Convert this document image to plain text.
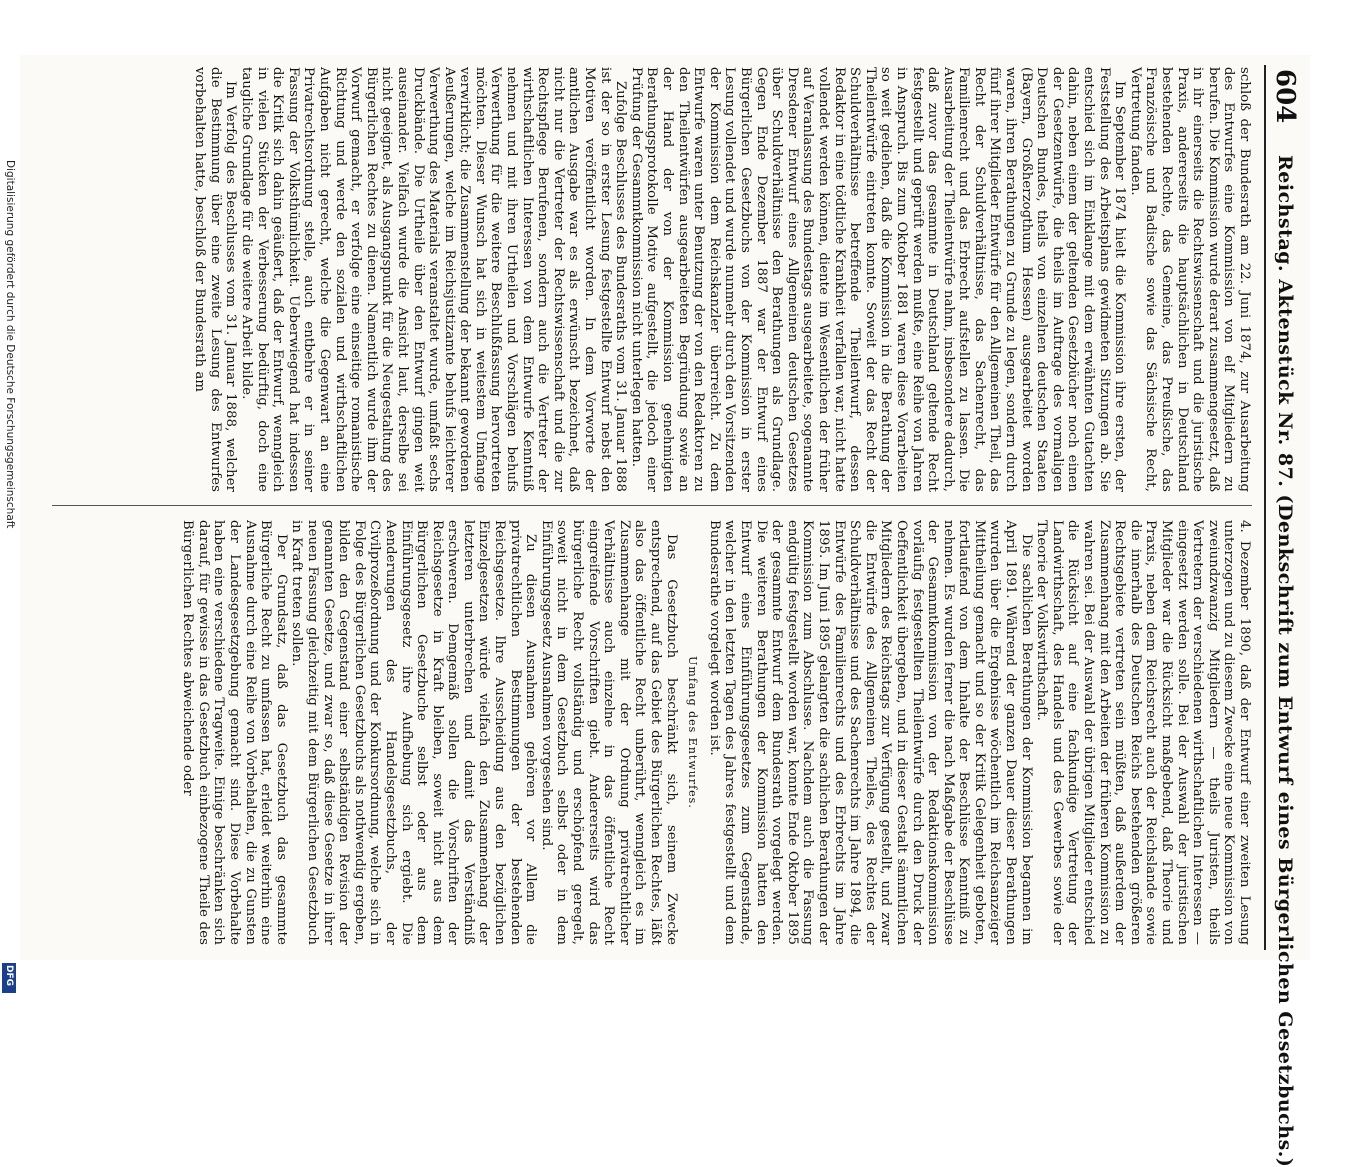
Digitalisierung gefördert durch die Deutsche Forschungsgemeinschaft
DFG
604
Reichstag. Aktenstück Nr. 87. (Denkschrift zum Entwurf eines Bürgerlichen Gesetzbuchs.)

schloß der Bundesrath am 22. Juni 1874, zur Ausarbeitung des Entwurfes eine Kommission von elf Mitgliedern zu berufen. Die Kommission wurde derart zusammengesetzt, daß in ihr einerseits die Rechtswissenschaft und die juristische Praxis, andererseits die hauptsächlichen in Deutschland bestehenden Rechte, das Gemeine, das Preußische, das Französische und Badische sowie das Sächsische Recht, Vertretung fanden.

Im September 1874 hielt die Kommission ihre ersten, der Feststellung des Arbeitsplans gewidmeten Sitzungen ab. Sie entschied sich im Einklange mit dem erwähnten Gutachten dahin, neben einem der geltenden Gesetzbücher noch einen der Gesetzentwürfe, die theils im Auftrage des vormaligen Deutschen Bundes, theils von einzelnen deutschen Staaten (Bayern, Großherzogthum Hessen) ausgearbeitet worden waren, ihren Berathungen zu Grunde zu legen, sondern durch fünf ihrer Mitglieder Entwürfe für den Allgemeinen Theil, das Recht der Schuldverhältnisse, das Sachenrecht, das Familienrecht und das Erbrecht aufstellen zu lassen. Die Ausarbeitung der Theilentwürfe nahm, insbesondere dadurch, daß zuvor das gesammte in Deutschland geltende Recht festgestellt und geprüft werden mußte, eine Reihe von Jahren in Anspruch. Bis zum Oktober 1881 waren diese Vorarbeiten so weit gediehen, daß die Kommission in die Berathung der Theilentwürfe eintreten konnte. Soweit der das Recht der Schuldverhältnisse betreffende Theilentwurf, dessen Redaktor in eine tödtliche Krankheit verfallen war, nicht hatte vollendet werden können, diente im Wesentlichen der früher auf Veranlassung des Bundestags ausgearbeitete, sogenannte Dresdener Entwurf eines Allgemeinen deutschen Gesetzes über Schuldverhältnisse den Berathungen als Grundlage. Gegen Ende Dezember 1887 war der Entwurf eines Bürgerlichen Gesetzbuchs von der Kommission in erster Lesung vollendet und wurde nunmehr durch den Vorsitzenden der Kommission dem Reichskanzler überreicht. Zu dem Entwurfe waren unter Benutzung der von den Redaktoren zu den Theilentwürfen ausgearbeiteten Begründung sowie an der Hand der von der Kommission genehmigten Berathungsprotokolle Motive aufgestellt, die jedoch einer Prüfung der Gesammtkommission nicht unterlegen hatten.

Zufolge Beschlusses des Bundesraths vom 31. Januar 1888 ist der so in erster Lesung festgestellte Entwurf nebst den Motiven veröffentlicht worden. In dem Vorworte der amtlichen Ausgabe war es als erwünscht bezeichnet, daß nicht nur die Vertreter der Rechtswissenschaft und die zur Rechtspflege Berufenen, sondern auch die Vertreter der wirthschaftlichen Interessen von dem Entwurfe Kenntniß nehmen und mit ihren Urtheilen und Vorschlägen behufs Verwerthung für die weitere Beschlußfassung hervortreten möchten. Dieser Wunsch hat sich in weitestem Umfange verwirklicht; die Zusammenstellung der bekannt gewordenen Aeußerungen, welche im Reichsjustizamte behufs leichterer Verwerthung des Materials veranstaltet wurde, umfaßt sechs Druckbände. Die Urtheile über den Entwurf gingen weit auseinander. Vielfach wurde die Ansicht laut, derselbe sei nicht geeignet, als Ausgangspunkt für die Neugestaltung des Bürgerlichen Rechtes zu dienen. Namentlich wurde ihm der Vorwurf gemacht, er verfolge eine einseitige romanistische Richtung und werde den sozialen und wirthschaftlichen Aufgaben nicht gerecht, welche die Gegenwart an eine Privatrechtsordnung stelle, auch entbehre er in seiner Fassung der Volksthümlichkeit. Ueberwiegend hat indessen die Kritik sich dahin geäußert, daß der Entwurf, wenngleich in vielen Stücken der Verbesserung bedürftig, doch eine taugliche Grundlage für die weitere Arbeit bilde.

Im Verfolg des Beschlusses vom 31. Januar 1888, welcher die Bestimmung über eine zweite Lesung des Entwurfes vorbehalten hatte, beschloß der Bundesrath am

4. Dezember 1890, daß der Entwurf einer zweiten Lesung unterzogen und zu diesem Zwecke eine neue Kommission von zweiundzwanzig Mitgliedern — theils Juristen, theils Vertretern der verschiedenen wirthschaftlichen Interessen — eingesetzt werden solle. Bei der Auswahl der juristischen Mitglieder war die Rücksicht maßgebend, daß Theorie und Praxis, neben dem Reichsrecht auch der Reichslande sowie die innerhalb des Deutschen Reichs bestehenden größeren Rechtsgebiete vertreten sein müßten, daß außerdem der Zusammenhang mit den Arbeiten der früheren Kommission zu wahren sei. Bei der Auswahl der übrigen Mitglieder entschied die Rücksicht auf eine fachkundige Vertretung der Landwirthschaft, des Handels und des Gewerbes sowie der Theorie der Volkswirthschaft.

Die sachlichen Berathungen der Kommission begannen im April 1891. Während der ganzen Dauer dieser Berathungen wurden über die Ergebnisse wöchentlich im Reichsanzeiger Mittheilung gemacht und so der Kritik Gelegenheit geboten, fortlaufend von dem Inhalte der Beschlüsse Kenntniß zu nehmen. Es wurden ferner die nach Maßgabe der Beschlüsse der Gesammtkommission von der Redaktionskommission vorläufig festgestellten Theilentwürfe durch den Druck der Oeffentlichkeit übergeben, und in dieser Gestalt sämmtlichen Mitgliedern des Reichstags zur Verfügung gestellt, und zwar die Entwürfe des Allgemeinen Theiles, des Rechtes der Schuldverhältnisse und des Sachenrechts im Jahre 1894, die Entwürfe des Familienrechts und des Erbrechts im Jahre 1895. Im Juni 1895 gelangten die sachlichen Berathungen der Kommission zum Abschlusse. Nachdem auch die Fassung endgültig festgestellt worden war, konnte Ende Oktober 1895 der gesammte Entwurf dem Bundesrath vorgelegt werden. Die weiteren Berathungen der Kommission hatten den Entwurf eines Einführungsgesetzes zum Gegenstande, welcher in den letzten Tagen des Jahres festgestellt und dem Bundesrathe vorgelegt worden ist.

Umfang des Entwurfes.

Das Gesetzbuch beschränkt sich, seinem Zwecke entsprechend, auf das Gebiet des Bürgerlichen Rechtes, läßt also das öffentliche Recht unberührt, wenngleich es im Zusammenhange mit der Ordnung privatrechtlicher Verhältnisse auch einzelne in das öffentliche Recht eingreifende Vorschriften giebt. Andererseits wird das bürgerliche Recht vollständig und erschöpfend geregelt, soweit nicht in dem Gesetzbuch selbst oder in dem Einführungsgesetz Ausnahmen vorgesehen sind.

Zu diesen Ausnahmen gehören vor Allem die privatrechtlichen Bestimmungen der bestehenden Reichsgesetze. Ihre Ausscheidung aus den bezüglichen Einzelgesetzen würde vielfach den Zusammenhang der letzteren unterbrechen und damit das Verständniß erschweren. Demgemäß sollen die Vorschriften der Reichsgesetze in Kraft bleiben, soweit nicht aus dem Bürgerlichen Gesetzbuche selbst oder aus dem Einführungsgesetz ihre Aufhebung sich ergiebt. Die Aenderungen des Handelsgesetzbuchs, der Civilprozeßordnung und der Konkursordnung, welche sich in Folge des Bürgerlichen Gesetzbuchs als nothwendig ergeben, bilden den Gegenstand einer selbständigen Revision der genannten Gesetze, und zwar so, daß diese Gesetze in ihrer neuen Fassung gleichzeitig mit dem Bürgerlichen Gesetzbuch in Kraft treten sollen.

Der Grundsatz, daß das Gesetzbuch das gesammte Bürgerliche Recht zu umfassen hat, erleidet weiterhin eine Ausnahme durch eine Reihe von Vorbehalten, die zu Gunsten der Landesgesetzgebung gemacht sind. Diese Vorbehalte haben eine verschiedene Tragweite. Einige beschränken sich darauf, für gewisse in das Gesetzbuch einbezogene Theile des Bürgerlichen Rechtes abweichende oder
